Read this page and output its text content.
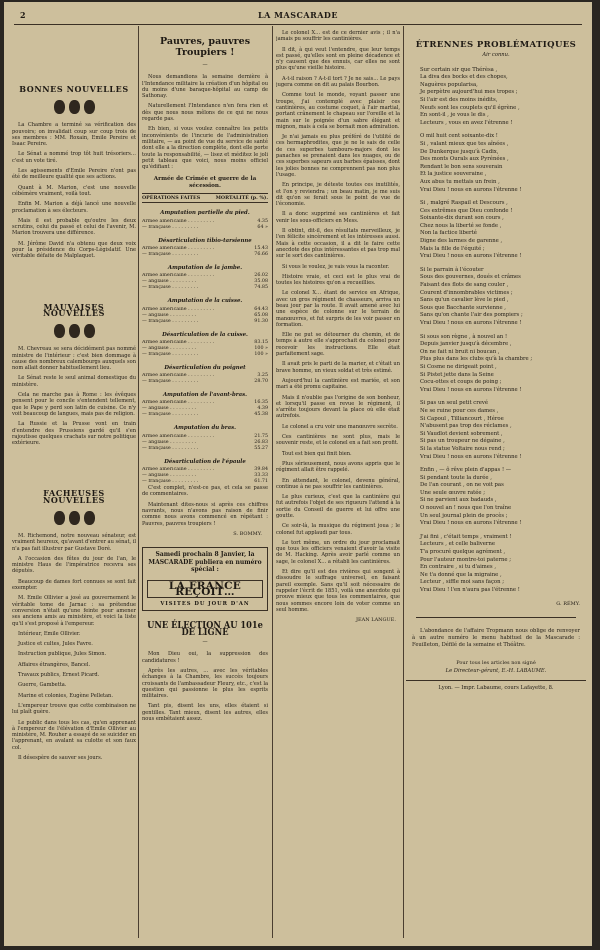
2	LA MASCARADE
BONNES NOUVELLES
La Chambre a terminé sa vérification des pouvoirs; on invalidait coup sur coup trois de ses membres : MM. Roxain, Emile Pereire et Isaac Pereire.
Le Sénat a nommé trop tôt huit trésoriers… c'est un vote tiré.
Les agissements d'Emile Pereire n'ont pas été de meilleure qualité que ses actions.
Quant à M. Marion, c'est une nouvelle cébémère vraiment, voilà tout.
Enfin M. Marion a déjà lancé une nouvelle proclamation à ses électeurs.
Mais il est probable qu'outre les deux scrutins, celui du passé et celui de l'avenir, M. Marion trouvera une différence.
M. Jérôme David n'a obtenu que deux voix pour la présidence du Corps-Législatif. Une véritable défaite de Malplaquet.
MAUVAISES NOUVELLES
M. Chevreau se sera décidément pas nommé ministre de l'intérieur : c'est bien dommage à cause des nombreux calembourgs auxquels son nom allait donner habituellement lieu.
Le Sénat reste le seul animal domestique du ministère.
Cela ne marche pas à Rome : les évêques pensent pour le concile s'entendent tellement, que le Pape y perd son latin de cuisine. Ce n'y voit beaucoup de langues, mais pas de religion.
La Russie et la Prusse vont en train d'entendre des Prussiens gardé qu'il s'en rajoutisse quelques crachats sur notre politique extérieure.
FACHEUSES NOUVELLES
M. Richemond, notre nouveau sénateur, est vraiment heureux, qu'avant d'entrer au sénat, il n'a pas fait illustrer par Gustave Doré.
A l'occasion des fêtes du jour de l'an, le ministre Haus de l'impératrice recevra ses députés.
Beaucoup de dames fort connues se sont fait exempter.
M. Emile Ollivier a josé au gouvernement le véritable tome de Jarnac : sa prétendue conversion n'était qu'une feinte pour amener ses anciens amis au ministère, et voici la liste qu'il s'est proposé à l'empereur.
Intérieur, Emile Ollivier.
Justice et cultes, Jules Favre.
Instruction publique, Jules Simon.
Affaires étrangères, Bancel.
Travaux publics, Ernest Picard.
Guerre, Gambetta.
Marine et colonies, Eugène Pelletan.
L'empereur trouve que cette combinaison ne lui plaît guère.
Le public dans tous les cas, qu'en apprenant à l'empereur de l'élévation d'Emile Ollivier au ministère, M. Rouher a essayé de se suicider en l'apprenant, en avalant sa culotte et son faux col.
Il désespère de sauver ses jours.
Pauvres, pauvres Troupiers !
—
Nous demandions la semaine dernière à l'Intendance militaire la création d'un hôpital ou du moins d'une baraque-hôpital au camp de Sathonay.
Naturellement l'Intendance n'en fera rien et dès que nous nous mêlons de ce qui ne nous regarde pas.
Eh bien, si vous voulez connaître les petits inconvénients de l'incurie de l'administration militaire, — au point de vue du service de santé dont elle a la direction complète, dont elle porte toute la responsabilité, — lisez et méditez le joli petit tableau que voici, nous moins officiel qu'édifiant :
Armée de Crimée et guerre de la sécession.
OPÉRATIONS FAITES	MORTALITÉ (p. %).
Amputation partielle du pied.
Armée américaine . . . . . . . . .	4.35
— française . . . . . . . . .	64 »
Désarticulation tibio-tarsienne
Armée américaine . . . . . . . . .	15.43
— française . . . . . . . . .	76.66
Amputation de la jambe.
Armée américaine . . . . . . . . .	26.02
— anglaise . . . . . . . . .	35.08
— française . . . . . . . . .	74.85
Amputation de la cuisse.
Armée américaine . . . . . . . . .	64.43
— anglaise . . . . . . . . .	65.08
— française . . . . . . . . .	91.30
Désarticulation de la cuisse.
Armée américaine . . . . . . . . .	83.15
— anglaise . . . . . . . . .	100 »
— française . . . . . . . . .	100 »
Désarticulation du poignet
Armée américaine . . . . . . . . .	3.25
— française . . . . . . . . .	28.70
Amputation de l'avant-bras.
Armée américaine . . . . . . . . .	16.35
— anglaise . . . . . . . . .	4.39
— française . . . . . . . . .	45.38
Amputation du bras.
Armée américaine . . . . . . . . .	21.75
— anglaise . . . . . . . . .	26.83
— française . . . . . . . . .	55.27
Désarticulation de l'épaule
Armée américaine . . . . . . . . .	39.84
— anglaise . . . . . . . . .	33.33
— française . . . . . . . . .	61.71
C'est complet, n'est-ce pas, et cela se passe de commentaires.
Maintenant dites-nous si après ces chiffres navrants, nous n'avons pas raison de finir comme nous avons commencé en répétant : Pauvres, pauvres troupiers !
S. BOMMY.
Samedi prochain 8 Janvier, la MASCARADE publiera en numéro spécial :
LA FRANCE REÇOIT…
VISITES DU JOUR D'AN
UNE ÉLECTION AU 101e DE LIGNE
—
Mon Dieu oui, la suppression des candidatures !
Après les autres, … avec les véritables échanges à la Chambre, les succès toujours croissants de l'ambassadeur Fleury, etc., c'est la question qui passionne le plus les esprits militaires.
Tant pis, disent les uns, elles étaient si gentilles. Tant mieux, disent les autres, elles nous embêtaient assez.
Le colonel X… est de ce dernier avis ; il n'a jamais pu souffrir les cantinières.
Il dit, à qui veut l'entendre, que leur temps est passé, qu'elles sont en pleine décadence et n'y causent que des ennuis, car elles ne sont plus qu'une vieille histoire.
A-t-il raison ? A-t-il tort ? Je ne sais… Le pays jugera comme on dit au palais Bourbon.
Comme tout le monde, voyant passer une troupe, j'ai contemplé avec plaisir ces cantinières, au costume coquet, à l'air martial, portant crânement le chapeau sur l'oreille et la main sur le poignée d'un sabre élégant et mignon, mais à cela se bornait mon admiration.
Je n'ai jamais eu plus préféré de l'utilité de ces hermaphrodites, que je ne le sais de celle de ces superbes tambours-majors dont les panaches se prenaient dans les nuages, ou de ces superbes sapeurs aux barbes épaisses, dont les jolies bonnes ne comprennent pas non plus l'usage.
En principe, je déteste toutes ces inutilités, et l'on y reviendra ; un beau matin, je me suis dit qu'on se ferait sous le point de vue de l'économie.
Il a donc supprimé ses cantinières et fait venir les sous-officiers en Mess.
Il obtint, dit-il, des résultats merveilleux, je l'en félicite sincèrement et les intéresses aussi. Mais à cette occasion, il a dit le faire cette anecdote des plus intéressantes et pas trop mal sur le sort des cantinières.
Si vous le voulez, je vais vous la raconter.
Histoire vraie, et ceci est le plus vrai de toutes les histoires qu'on a recueillies.
Le colonel X… étant de service en Afrique, avec un gros régiment de chasseurs, arriva un beau jour par la route. Il avait amené avec lui une espèce de colonne sur le terrain de manœuvres, et fut surpris de les voir passer en formation.
Elle ne put se détourner du chemin, et de temps à autre elle s'approchait du colonel pour recevoir les instructions. Elle était parfaitement sage.
Il avait pris le parti de la marier, et c'était un brave homme, un vieux soldat et très estimé.
Aujourd'hui la cantinière est mariée, et son mari a été promu capitaine.
Mais il n'oublie pas l'origine de son bonheur, et lorsqu'il passe en revue le régiment, il s'arrête toujours devant la place où elle était autrefois.
Le colonel a cru voir une manœuvre secrète.
Ces cantinières ne sont plus, mais le souvenir reste, et le colonel en a fait son profit.
Tout est bien qui finit bien.
Plus sérieusement, nous avons appris que le régiment allait être rappelé.
En attendant, le colonel, devenu général, continue à ne pas souffrir les cantinières.
Le plus curieux, c'est que la cantinière qui fut autrefois l'objet de ses rigueurs l'attend à la sortie du Conseil de guerre et lui offre une goutte.
Ce soir-là, la musique du régiment joua ; le colonel fut applaudi par tous.
Le tort même, un ordre du jour proclamait que tous les officiers venaient d'avoir la visite de M. Hacking. Après avoir parlé comme un sage, le colonel X… a rétabli les cantinières.
Et dire qu'il est des rivières qui songent à dissoudre le suffrage universel, en faisant pareil exemple. Sans qu'il soit nécessaire de rappeler l'écrit de 1851, voilà une anecdote qui prouve mieux que tous les commentaires, que nous sommes encore loin de voter comme un seul homme.
JEAN LANGUE.
ÉTRENNES PROBLÉMATIQUES
Air connu.
Sur certain sir que Thérèsa ,
La diva des bocks et des chopes,
Naguères popularisa,
Je perpètre aujourd'hui mes tropes ;
Si l'air est des moins inédits,
Neufs sont les couplets qu'il égrène ,
En sont-il , je vous le dis ,
Lecteurs , vous en avez l'étrenne !
O mil huit cent soixante-dix !
Si , valant mieux que tes aînées ,
De Dunkerque jusqu'à Cadix,
Des monts Ourals aux Pyrénées ,
Rendant le bon sens souverain
Et la justice souveraine ,
Aux abus tu mettais un frein ,
Vrai Dieu ! nous en aurons l'étrenne !
Si , malgré Raspail et Descours ,
Ces extrêmes que Dieu confonde !
Soixante-dix durant son cours ,
Chez nous la liberté se fonde ,
Non la factice liberté
Digne des larmes de garenne ,
Mais la fille de l'équité ;
Vrai Dieu ! nous en aurons l'étrenne !
Si le parrain à l'écouter
Sous des gouvernes, doués et crâmes
Faisant des flots de sang couler ,
Courent d'innombrables victimes ;
Sans qu'un cavalier lève le pied ,
Sous que Bacchante survienne ,
Sans qu'on chante l'air des pompiers ;
Vrai Dieu ! nous en aurons l'étrenne !
Si sous son règne , à nouvel an !
Depuis janvier jusqu'à décembre ,
On ne fait ni bruit ni boucan ,
Plus plus dans les clubs qu'à la chambre ;
Si Cosme ne dirigeait point ,
Si Pistet jette dans la Seine
Cocu-ottes et coups de poing ;
Vrai Dieu ! nous en aurons l'étrenne !
Si pas un seul petit crevé
Ne se ruine pour ces dames ,
Si Capoul , Tilliancourt , Héroe
N'abusent pas trop des réclames ,
Si Vaudlot devient sobrement ,
Si pas un troupeur ne dégaine ,
Si la statue Voltaire nous rend ;
Vrai Dieu ! nous en aurons l'étrenne !
Enfin , — ô rêve plein d'appas ! —
Si pendant toute la durée ,
De l'an courant , on ne voit pas
Une seule œuvre ratée ;
Si ne parvient aux badauds ,
O nouvel an ! nous que l'on traîne
Un seul journal plein de procès ;
Vrai Dieu ! nous en aurons l'étrenne !
J'ai fini , c'était temps , vraiment !
Lecteurs , et celle baliverne
T'a procuré quelque agrément ,
Pour l'auteur montre-toi paterne ;
En contraire , si tu d'aimes ,
Ne t'a donné que la migraine ,
Lecteur , siffle moi sans façon ;
Vrai Dieu ! l'en n'aura pas l'étrenne !
G. RÉMY.
L'abondance de l'affaire Tropmann nous oblige de renvoyer à un autre numéro le menu habituel de la Mascarade : Feuilleton, Défilé de la semaine et Théâtre.
Pour tous les articles non signé
Le Directeur-gérant, E.-H. LABAUME.
Lyon. — Impr. Labaume, cours Lafayette, 8.
